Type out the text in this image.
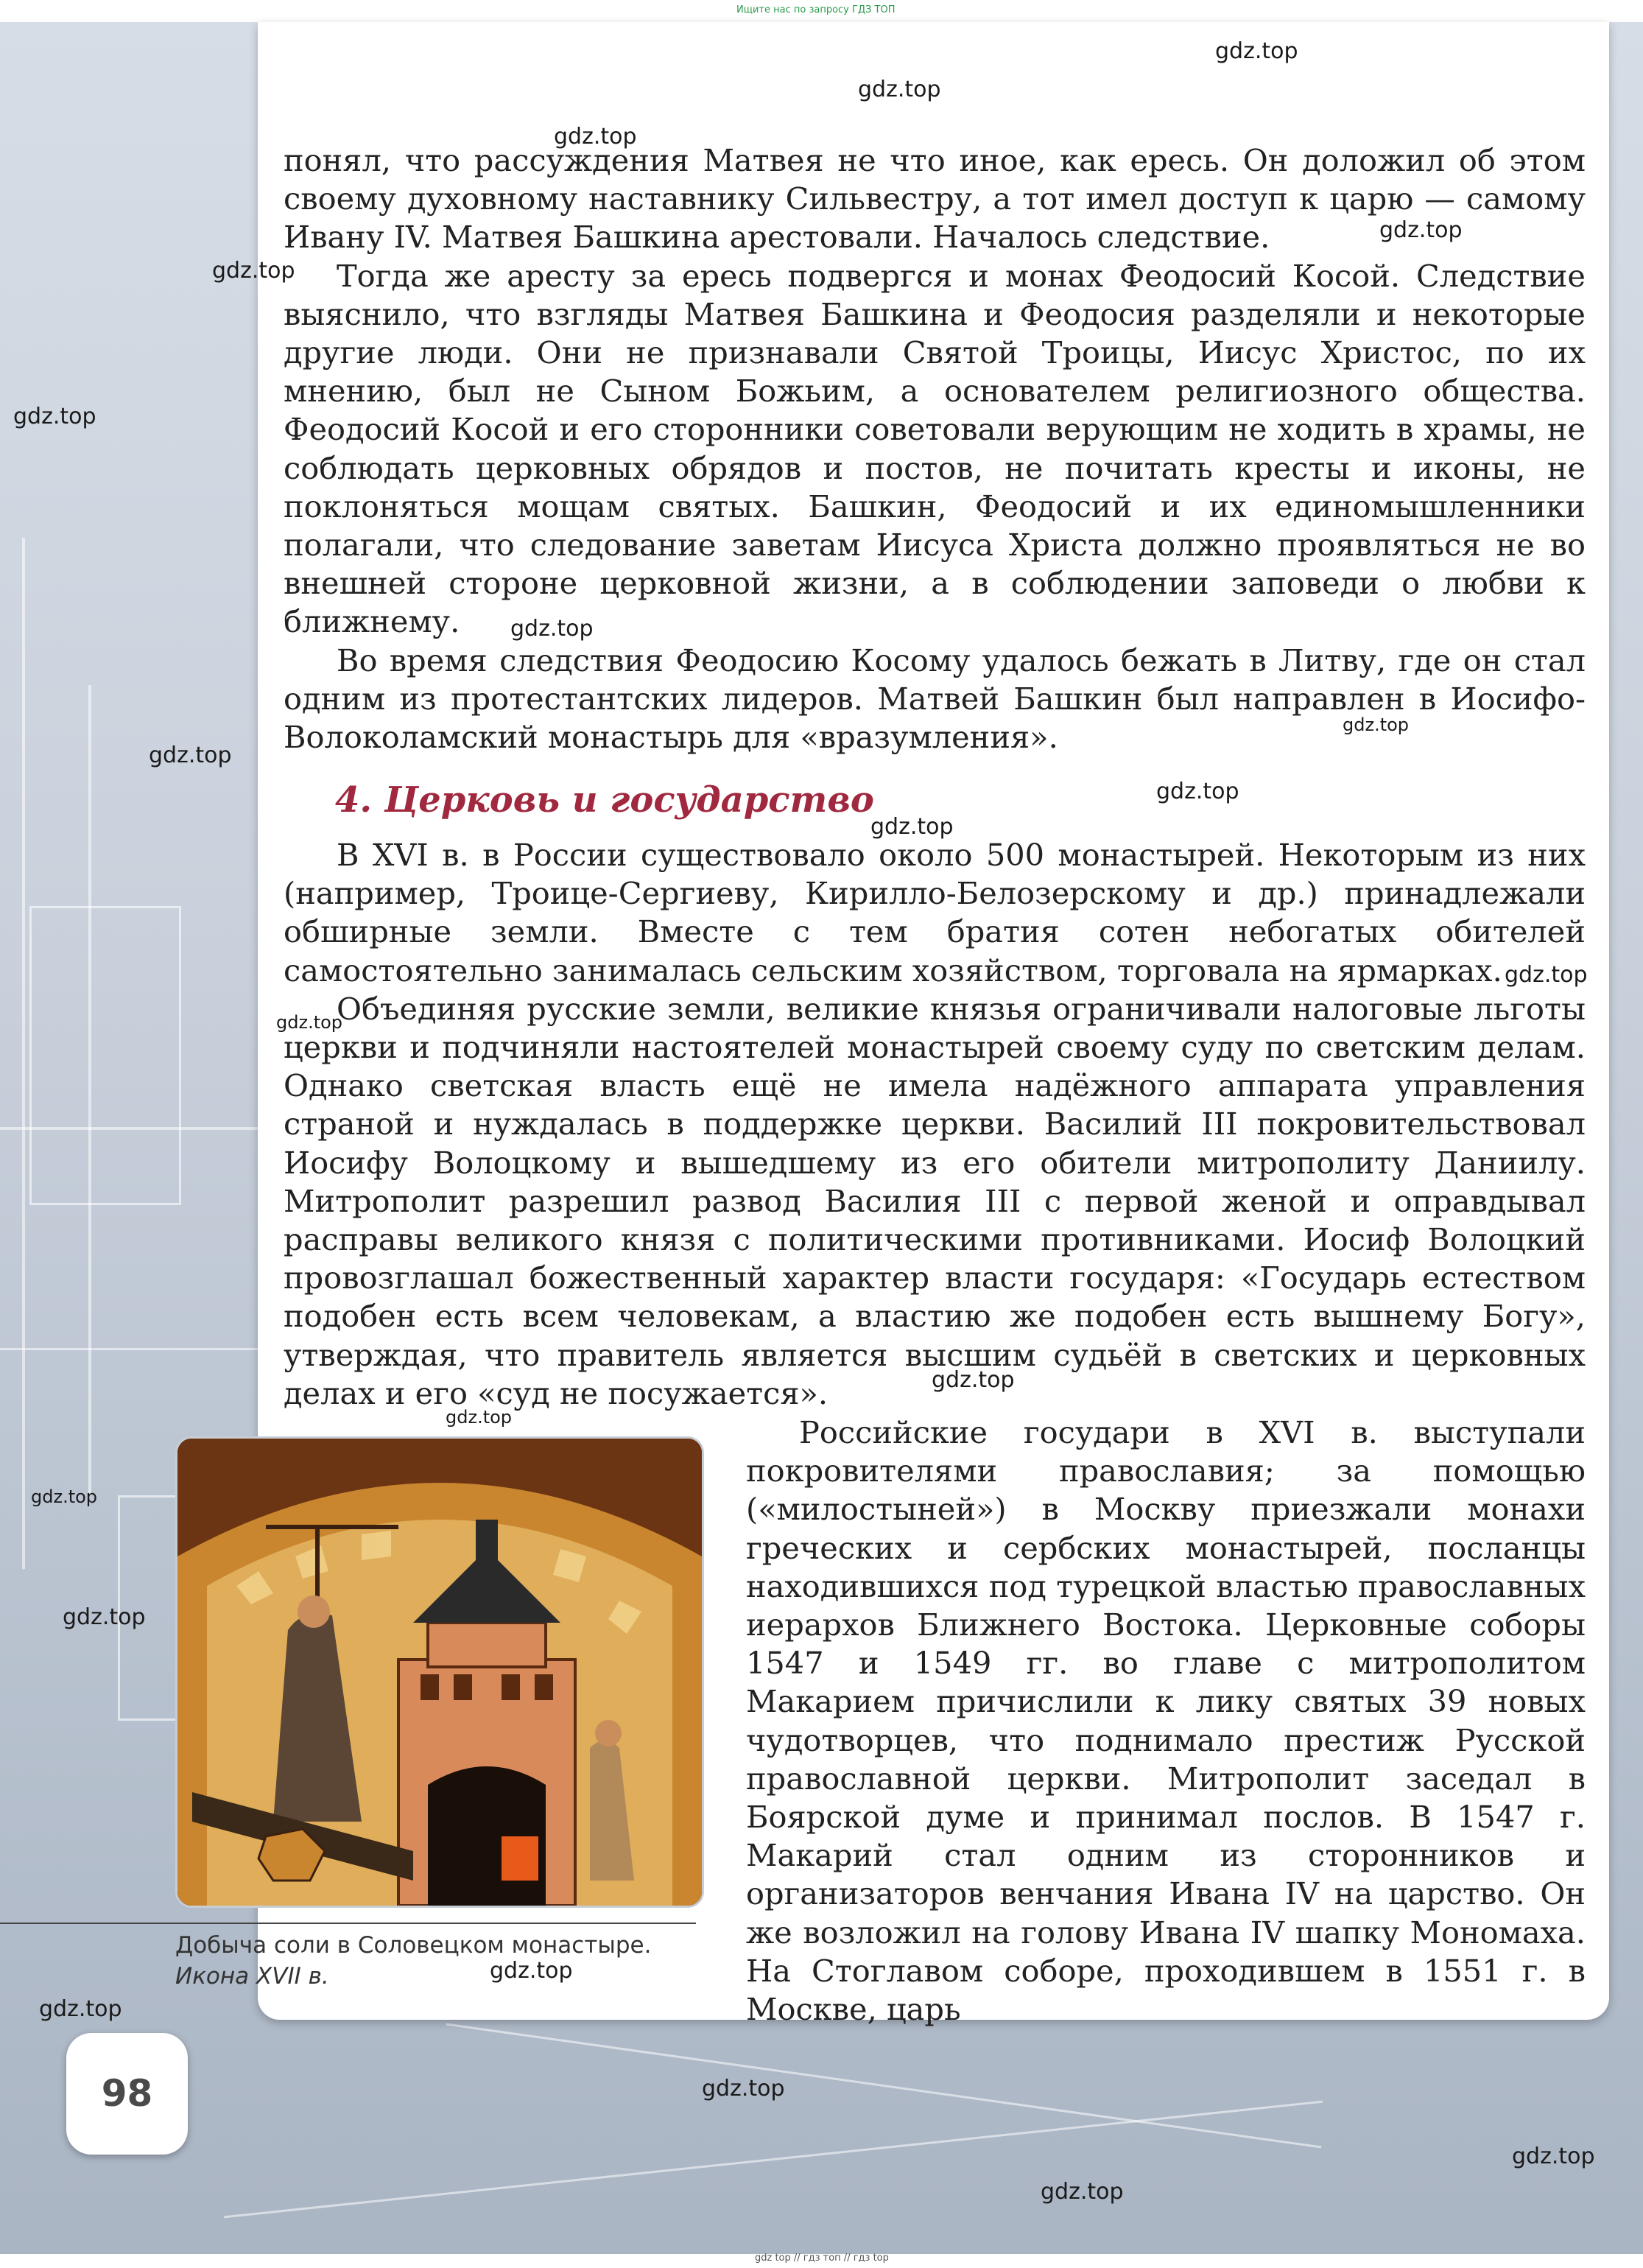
Ищите нас по запросу ГДЗ ТОП

понял, что рассуждения Матвея не что иное, как ересь. Он доложил об этом своему духовному наставнику Сильвестру, а тот имел доступ к царю — самому Ивану IV. Матвея Башкина арестовали. Началось следствие.

Тогда же аресту за ересь подвергся и монах Феодосий Косой. Следствие выяснило, что взгляды Матвея Башкина и Феодосия разделяли и некоторые другие люди. Они не признавали Святой Троицы, Иисус Христос, по их мнению, был не Сыном Божьим, а основателем религиозного общества. Феодосий Косой и его сторонники советовали верующим не ходить в храмы, не соблюдать церковных обрядов и постов, не почитать кресты и иконы, не поклоняться мощам святых. Башкин, Феодосий и их единомышленники полагали, что следование заветам Иисуса Христа должно проявляться не во внешней стороне церковной жизни, а в соблюдении заповеди о любви к ближнему.

Во время следствия Феодосию Косому удалось бежать в Литву, где он стал одним из протестантских лидеров. Матвей Башкин был направлен в Иосифо-Волоколамский монастырь для «вразумления».

4. Церковь и государство

В XVI в. в России существовало около 500 монастырей. Некоторым из них (например, Троице-Сергиеву, Кирилло-Белозерскому и др.) принадлежали обширные земли. Вместе с тем братия сотен небогатых обителей самостоятельно занималась сельским хозяйством, торговала на ярмарках.

Объединяя русские земли, великие князья ограничивали налоговые льготы церкви и подчиняли настоятелей монастырей своему суду по светским делам. Однако светская власть ещё не имела надёжного аппарата управления страной и нуждалась в поддержке церкви. Василий III покровительствовал Иосифу Волоцкому и вышедшему из его обители митрополиту Даниилу. Митрополит разрешил развод Василия III с первой женой и оправдывал расправы великого князя с политическими противниками. Иосиф Волоцкий провозглашал божественный характер власти государя: «Государь естеством подобен есть всем человекам, а властию же подобен есть вышнему Богу», утверждая, что правитель является высшим судьёй в светских и церковных делах и его «суд не посужается».

Российские государи в XVI в. выступали покровителями православия; за помощью («милостыней») в Москву приезжали монахи греческих и сербских монастырей, посланцы находившихся под турецкой властью православных иерархов Ближнего Востока. Церковные соборы 1547 и 1549 гг. во главе с митрополитом Макарием причислили к лику святых 39 новых чудотворцев, что поднимало престиж Русской православной церкви. Митрополит заседал в Боярской думе и принимал послов. В 1547 г. Макарий стал одним из сторонников и организаторов венчания Ивана IV на царство. Он же возложил на голову Ивана IV шапку Мономаха. На Стоглавом соборе, проходившем в 1551 г. в Москве, царь

Добыча соли в Соловецком монастыре.
Икона XVII в.
98
gdz.top
gdz.top
gdz.top
gdz.top
gdz.top
gdz.top
gdz.top
gdz.top
gdz.top
gdz.top
gdz.top
gdz.top
gdz.top
gdz.top
gdz.top
gdz.top
gdz.top
gdz.top
gdz.top
gdz.top
gdz.top
gdz.top
gdz top // гдз топ // гдз top
